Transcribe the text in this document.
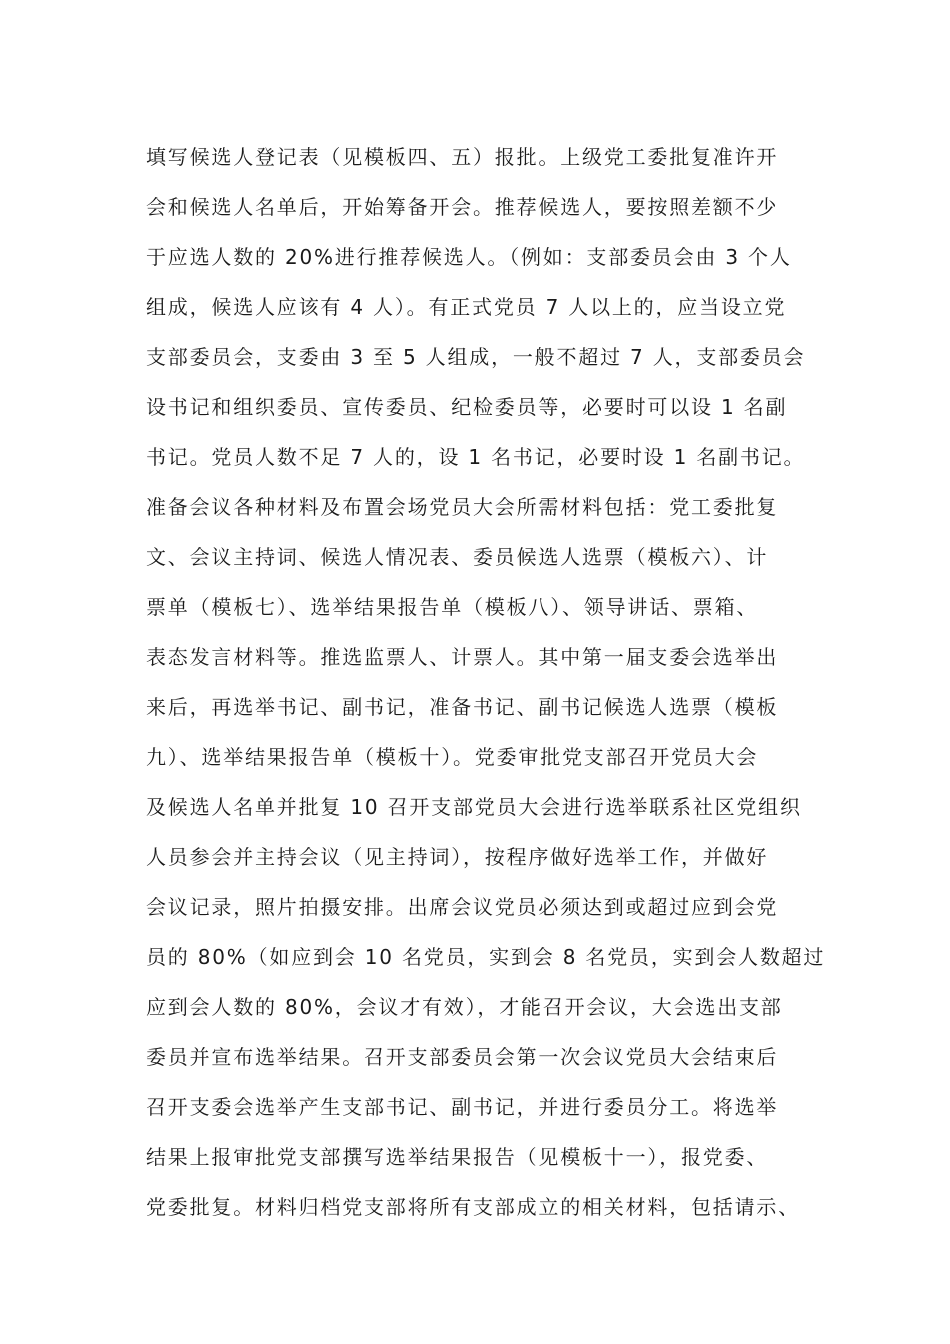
填写候选人登记表（见模板四、五）报批。上级党工委批复准许开
会和候选人名单后，开始筹备开会。推荐候选人，要按照差额不少
于应选人数的 20%进行推荐候选人。（例如：支部委员会由 3 个人
组成，候选人应该有 4 人）。有正式党员 7 人以上的，应当设立党
支部委员会，支委由 3 至 5 人组成，一般不超过 7 人，支部委员会
设书记和组织委员、宣传委员、纪检委员等，必要时可以设 1 名副
书记。党员人数不足 7 人的，设 1 名书记，必要时设 1 名副书记。
准备会议各种材料及布置会场党员大会所需材料包括：党工委批复
文、会议主持词、候选人情况表、委员候选人选票（模板六）、计
票单（模板七）、选举结果报告单（模板八）、领导讲话、票箱、
表态发言材料等。推选监票人、计票人。其中第一届支委会选举出
来后，再选举书记、副书记，准备书记、副书记候选人选票（模板
九）、选举结果报告单（模板十）。党委审批党支部召开党员大会
及候选人名单并批复 10 召开支部党员大会进行选举联系社区党组织
人员参会并主持会议（见主持词），按程序做好选举工作，并做好
会议记录，照片拍摄安排。出席会议党员必须达到或超过应到会党
员的 80%（如应到会 10 名党员，实到会 8 名党员，实到会人数超过
应到会人数的 80%，会议才有效），才能召开会议，大会选出支部
委员并宣布选举结果。召开支部委员会第一次会议党员大会结束后
召开支委会选举产生支部书记、副书记，并进行委员分工。将选举
结果上报审批党支部撰写选举结果报告（见模板十一），报党委、
党委批复。材料归档党支部将所有支部成立的相关材料，包括请示、
